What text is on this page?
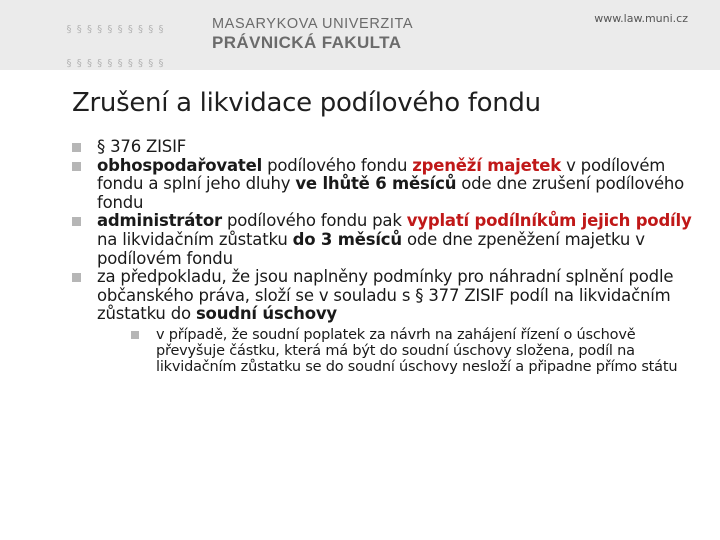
§§§§§§§§§§

§§§§§§§§§§

MASARYKOVA UNIVERZITA
PRÁVNICKÁ FAKULTA
www.law.muni.cz
Zrušení a likvidace podílového fondu
§ 376 ZISIF
obhospodařovatel podílového fondu zpeněží majetek v podílovém fondu a splní jeho dluhy ve lhůtě 6 měsíců ode dne zrušení podílového fondu
administrátor podílového fondu pak vyplatí podílníkům jejich podíly na likvidačním zůstatku do 3 měsíců ode dne zpeněžení majetku v podílovém fondu
za předpokladu, že jsou naplněny podmínky pro náhradní splnění podle občanského práva, složí se v souladu s § 377 ZISIF podíl na likvidačním zůstatku do soudní úschovy
v případě, že soudní poplatek za návrh na zahájení řízení o úschově převyšuje částku, která má být do soudní úschovy složena, podíl na likvidačním zůstatku se do soudní úschovy nesloží a připadne přímo státu
